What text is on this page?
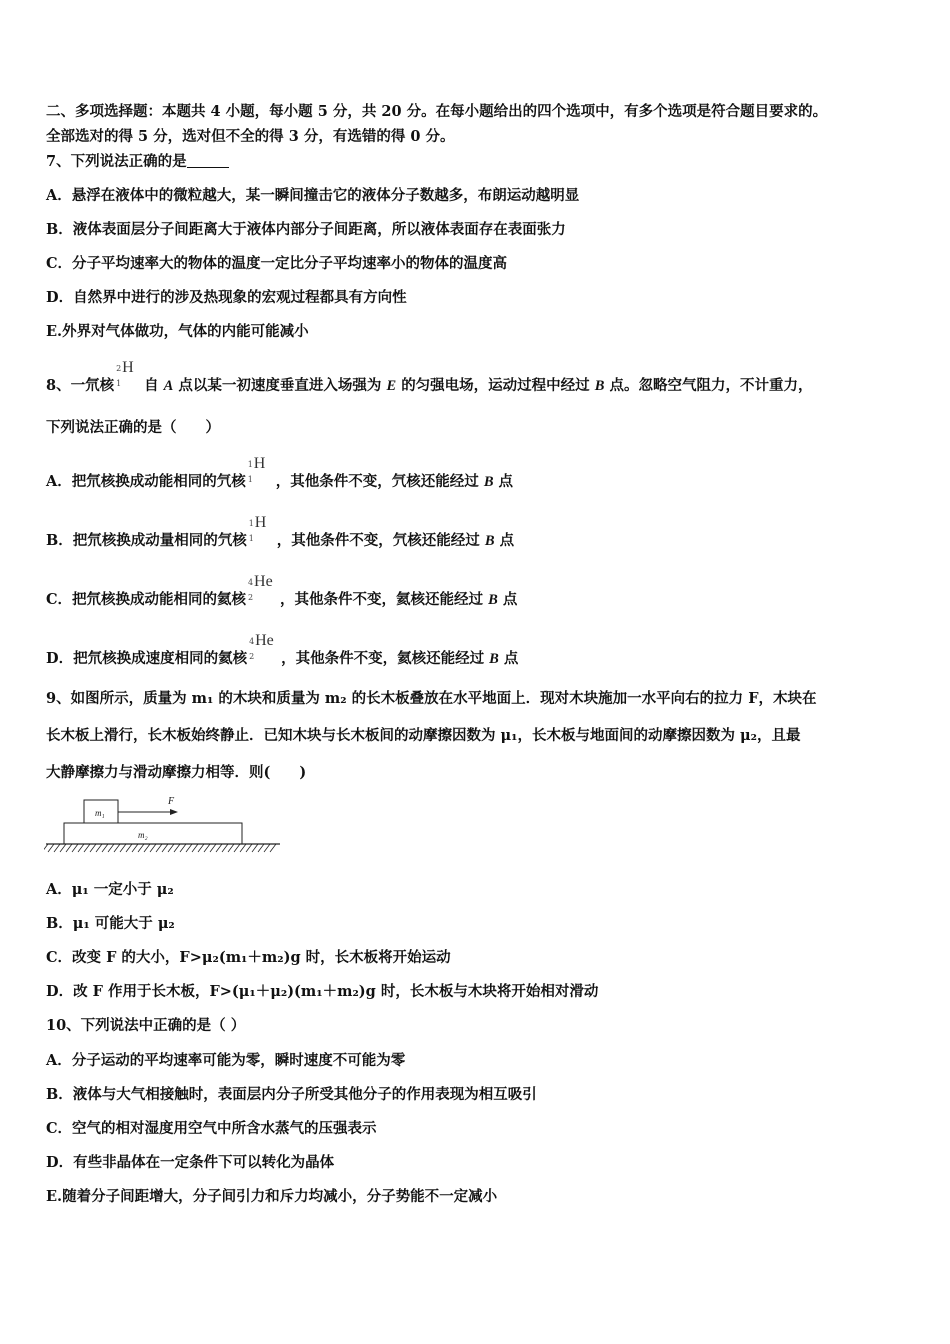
二、多项选择题：本题共 4 小题，每小题 5 分，共 20 分。在每小题给出的四个选项中，有多个选项是符合题目要求的。
全部选对的得 5 分，选对但不全的得 3 分，有选错的得 0 分。
7、下列说法正确的是
A．悬浮在液体中的微粒越大，某一瞬间撞击它的液体分子数越多，布朗运动越明显
B．液体表面层分子间距离大于液体内部分子间距离，所以液体表面存在表面张力
C．分子平均速率大的物体的温度一定比分子平均速率小的物体的温度高
D．自然界中进行的涉及热现象的宏观过程都具有方向性
E.外界对气体做功，气体的内能可能减小
8、一氘核
2
1
H
自 A 点以某一初速度垂直进入场强为 E 的匀强电场，运动过程中经过 B 点。忽略空气阻力，不计重力，
下列说法正确的是（　　）
A．把氘核换成动能相同的氕核
1
1
H
，其他条件不变，氕核还能经过 B 点
B．把氘核换成动量相同的氕核
1
1
H
，其他条件不变，氕核还能经过 B 点
C．把氘核换成动能相同的氦核
4
2
He
，其他条件不变，氦核还能经过 B 点
D．把氘核换成速度相同的氦核
4
2
He
，其他条件不变，氦核还能经过 B 点
9、如图所示，质量为 m₁ 的木块和质量为 m₂ 的长木板叠放在水平地面上．现对木块施加一水平向右的拉力 F，木块在
长木板上滑行，长木板始终静止．已知木块与长木板间的动摩擦因数为 μ₁，长木板与地面间的动摩擦因数为 μ₂，且最
大静摩擦力与滑动摩擦力相等．则(　　)
m₁
F
m₂
A．μ₁ 一定小于 μ₂
B．μ₁ 可能大于 μ₂
C．改变 F 的大小，F>μ₂(m₁＋m₂)g 时，长木板将开始运动
D．改 F 作用于长木板，F>(μ₁＋μ₂)(m₁＋m₂)g 时，长木板与木块将开始相对滑动
10、下列说法中正确的是（ ）
A．分子运动的平均速率可能为零，瞬时速度不可能为零
B．液体与大气相接触时，表面层内分子所受其他分子的作用表现为相互吸引
C．空气的相对湿度用空气中所含水蒸气的压强表示
D．有些非晶体在一定条件下可以转化为晶体
E.随着分子间距增大，分子间引力和斥力均减小，分子势能不一定减小
